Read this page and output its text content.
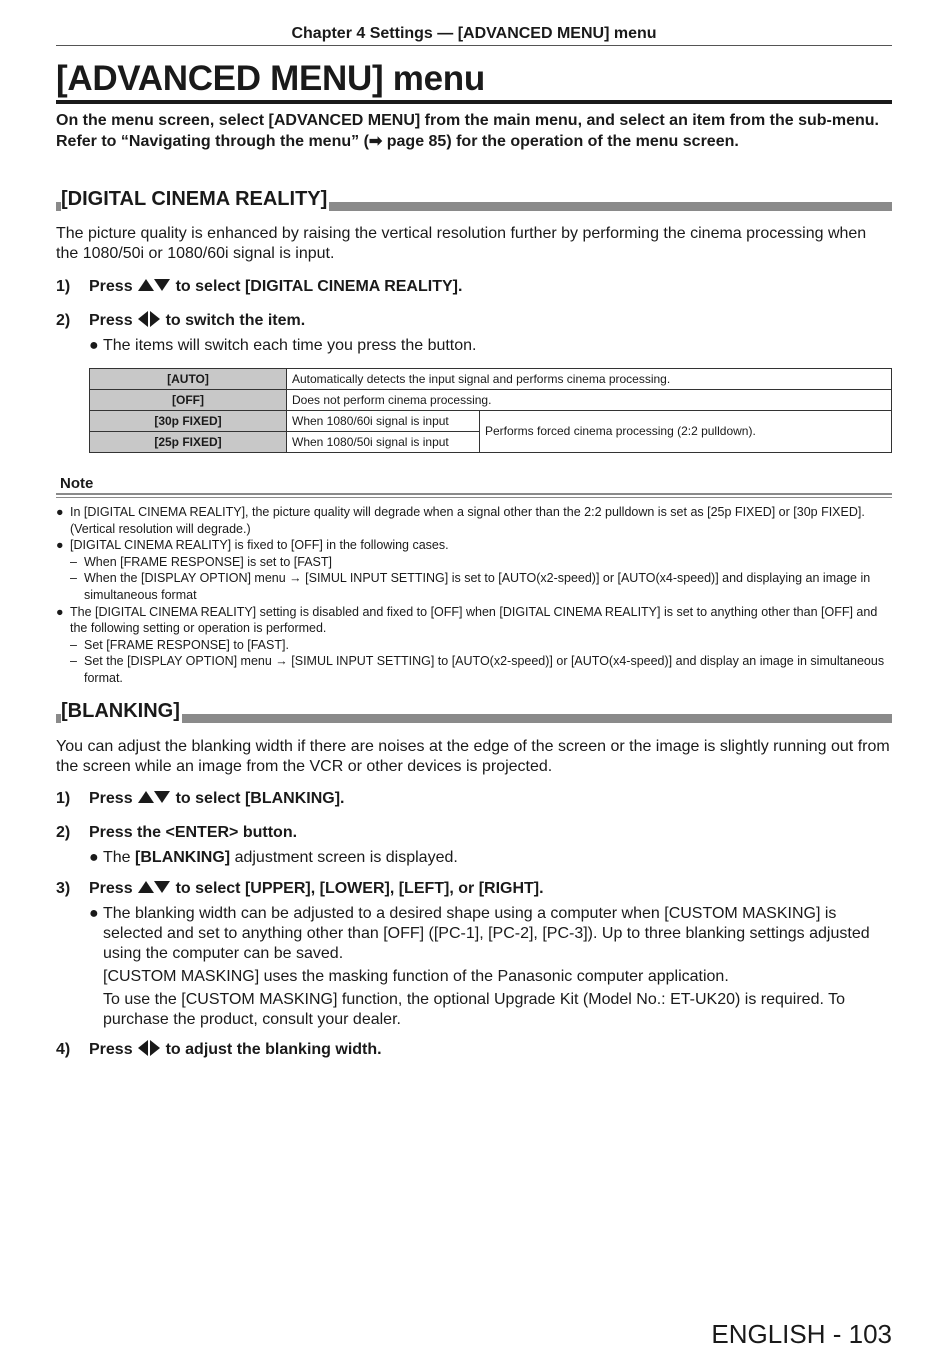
Chapter 4 Settings — [ADVANCED MENU] menu
[ADVANCED MENU] menu
On the menu screen, select [ADVANCED MENU] from the main menu, and select an item from the sub-menu.
Refer to “Navigating through the menu” (➡ page 85) for the operation of the menu screen.
[DIGITAL CINEMA REALITY]
The picture quality is enhanced by raising the vertical resolution further by performing the cinema processing when the 1080/50i or 1080/60i signal is input.
1) Press	to select [DIGITAL CINEMA REALITY].
2) Press to switch the item.
● The items will switch each time you press the button.
[AUTO]	Automatically detects the input signal and performs cinema processing.	
[OFF]	Does not perform cinema processing.	
[30p FIXED]	When 1080/60i signal is input	Performs forced cinema processing (2:2 pulldown).
[25p FIXED]	When 1080/50i signal is input	
Note
● In [DIGITAL CINEMA REALITY], the picture quality will degrade when a signal other than the 2:2 pulldown is set as [25p FIXED] or [30p FIXED]. (Vertical resolution will degrade.)
● [DIGITAL CINEMA REALITY] is fixed to [OFF] in the following cases.
– When [FRAME RESPONSE] is set to [FAST]
– When the [DISPLAY OPTION] menu → [SIMUL INPUT SETTING] is set to [AUTO(x2-speed)] or [AUTO(x4-speed)] and displaying an image in simultaneous format
● The [DIGITAL CINEMA REALITY] setting is disabled and fixed to [OFF] when [DIGITAL CINEMA REALITY] is set to anything other than [OFF] and the following setting or operation is performed.
– Set [FRAME RESPONSE] to [FAST].
– Set the [DISPLAY OPTION] menu → [SIMUL INPUT SETTING] to [AUTO(x2-speed)] or [AUTO(x4-speed)] and display an image in simultaneous format.
[BLANKING]
You can adjust the blanking width if there are noises at the edge of the screen or the image is slightly running out from the screen while an image from the VCR or other devices is projected.
1) Press	to select [BLANKING].
2) Press the <ENTER> button.
● The [BLANKING] adjustment screen is displayed.
3) Press	to select [UPPER], [LOWER], [LEFT], or [RIGHT].
● The blanking width can be adjusted to a desired shape using a computer when [CUSTOM MASKING] is selected and set to anything other than [OFF] ([PC-1], [PC-2], [PC-3]). Up to three blanking settings adjusted using the computer can be saved.
[CUSTOM MASKING] uses the masking function of the Panasonic computer application.
To use the [CUSTOM MASKING] function, the optional Upgrade Kit (Model No.: ET-UK20) is required. To purchase the product, consult your dealer.
4) Press to adjust the blanking width.
ENGLISH - 103
